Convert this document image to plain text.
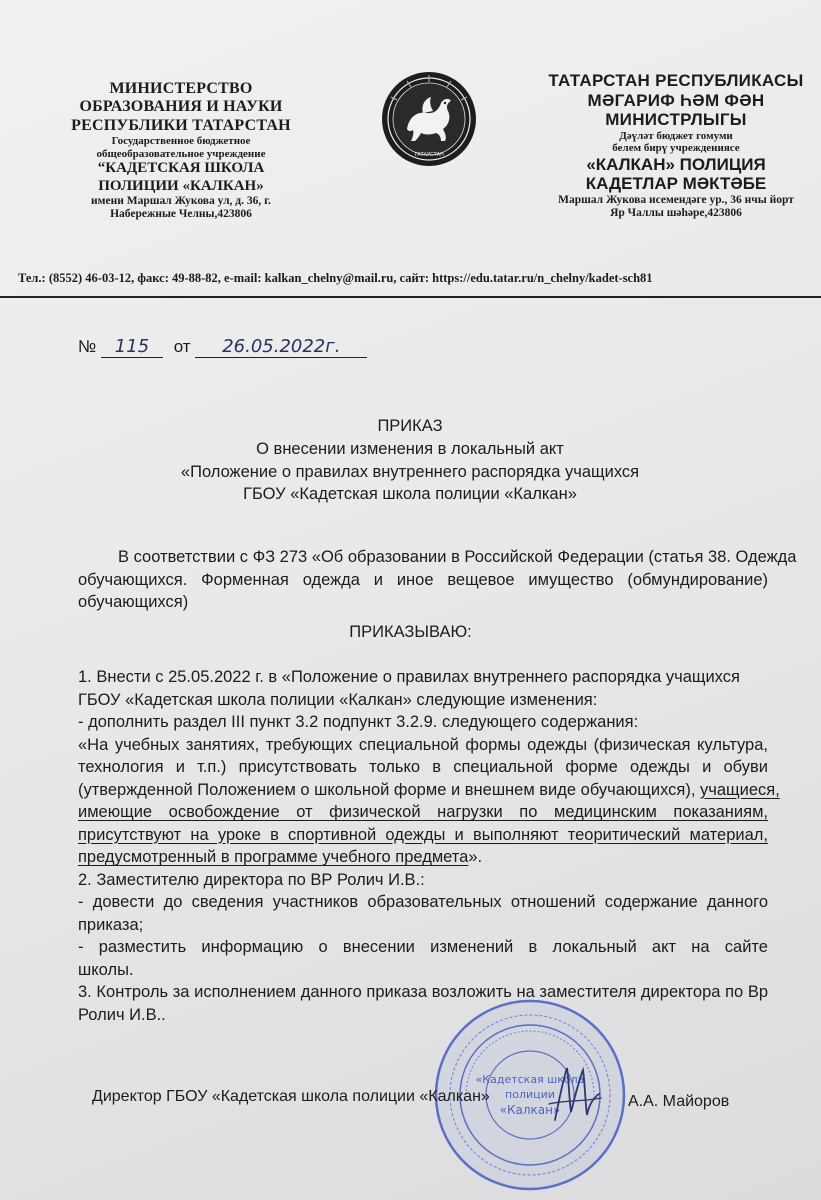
МИНИСТЕРСТВО
ОБРАЗОВАНИЯ И НАУКИ
РЕСПУБЛИКИ ТАТАРСТАН
Государственное бюджетное
общеобразовательное учреждение
“КАДЕТСКАЯ ШКОЛА
ПОЛИЦИИ «КАЛКАН»
имени Маршал Жукова ул, д. 36, г.
Набережные Челны,423806
ТАТАРСТАН
ТАТАРСТАН РЕСПУБЛИКАСЫ
МӘГАРИФ ҺӘМ ФӘН
МИНИСТРЛЫГЫ
Дәүләт бюджет гомуми
белем бирү учреждениясе
«КАЛКАН» ПОЛИЦИЯ
КАДЕТЛАР МӘКТӘБЕ
Маршал Жукова исемендәге ур., 36 нчы йорт
Яр Чаллы шәһәре,423806
Тел.: (8552) 46-03-12, факс: 49-88-82, e-mail: kalkan_chelny@mail.ru, сайт: https://edu.tatar.ru/n_chelny/kadet-sch81
№ 115 от 26.05.2022г.
ПРИКАЗ
О внесении изменения в локальный акт
«Положение о правилах внутреннего распорядка учащихся
ГБОУ «Кадетская школа полиции «Калкан»
В соответствии с ФЗ 273 «Об образовании в Российской Федерации (статья 38. Одежда
обучающихся. Форменная одежда и иное вещевое имущество (обмундирование)
обучающихся)
ПРИКАЗЫВАЮ:
1. Внести с 25.05.2022 г. в «Положение о правилах внутреннего распорядка учащихся
ГБОУ «Кадетская школа полиции «Калкан» следующие изменения:
- дополнить раздел III пункт 3.2 подпункт 3.2.9. следующего содержания:
«На учебных занятиях, требующих специальной формы одежды (физическая культура,
технология и т.п.) присутствовать только в специальной форме одежды и обуви
(утвержденной Положением о школьной форме и внешнем виде обучающихся), учащиеся,
имеющие освобождение от физической нагрузки по медицинским показаниям,
присутствуют на уроке в спортивной одежды и выполняют теоритический материал,
предусмотренный в программе учебного предмета».
2. Заместителю директора по ВР Ролич И.В.:
- довести до сведения участников образовательных отношений содержание данного
приказа;
- разместить информацию о внесении изменений в локальный акт на сайте
школы.
3. Контроль за исполнением данного приказа возложить на заместителя директора по Вр
Ролич И.В..
«Кадетская школа
полиции
«Калкан»
Директор ГБОУ «Кадетская школа полиции «Калкан»	А.А. Майоров
